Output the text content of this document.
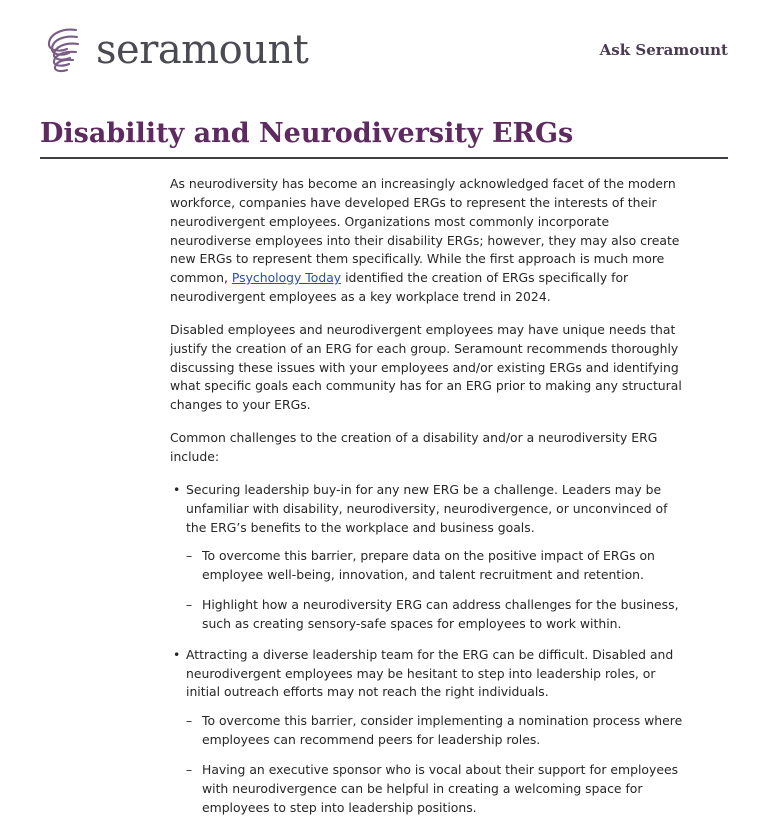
seramount	Ask Seramount
Disability and Neurodiversity ERGs

As neurodiversity has become an increasingly acknowledged facet of the modern workforce, companies have developed ERGs to represent the interests of their neurodivergent employees. Organizations most commonly incorporate neurodiverse employees into their disability ERGs; however, they may also create new ERGs to represent them specifically. While the first approach is much more common, Psychology Today identified the creation of ERGs specifically for neurodivergent employees as a key workplace trend in 2024.

Disabled employees and neurodivergent employees may have unique needs that justify the creation of an ERG for each group. Seramount recommends thoroughly discussing these issues with your employees and/or existing ERGs and identifying what specific goals each community has for an ERG prior to making any structural changes to your ERGs.

Common challenges to the creation of a disability and/or a neurodiversity ERG include:

• Securing leadership buy-in for any new ERG be a challenge. Leaders may be unfamiliar with disability, neurodiversity, neurodivergence, or unconvinced of the ERG’s benefits to the workplace and business goals.
– To overcome this barrier, prepare data on the positive impact of ERGs on employee well-being, innovation, and talent recruitment and retention.
– Highlight how a neurodiversity ERG can address challenges for the business, such as creating sensory-safe spaces for employees to work within.
• Attracting a diverse leadership team for the ERG can be difficult. Disabled and neurodivergent employees may be hesitant to step into leadership roles, or initial outreach efforts may not reach the right individuals.
– To overcome this barrier, consider implementing a nomination process where employees can recommend peers for leadership roles.
– Having an executive sponsor who is vocal about their support for employees with neurodivergence can be helpful in creating a welcoming space for employees to step into leadership positions.
